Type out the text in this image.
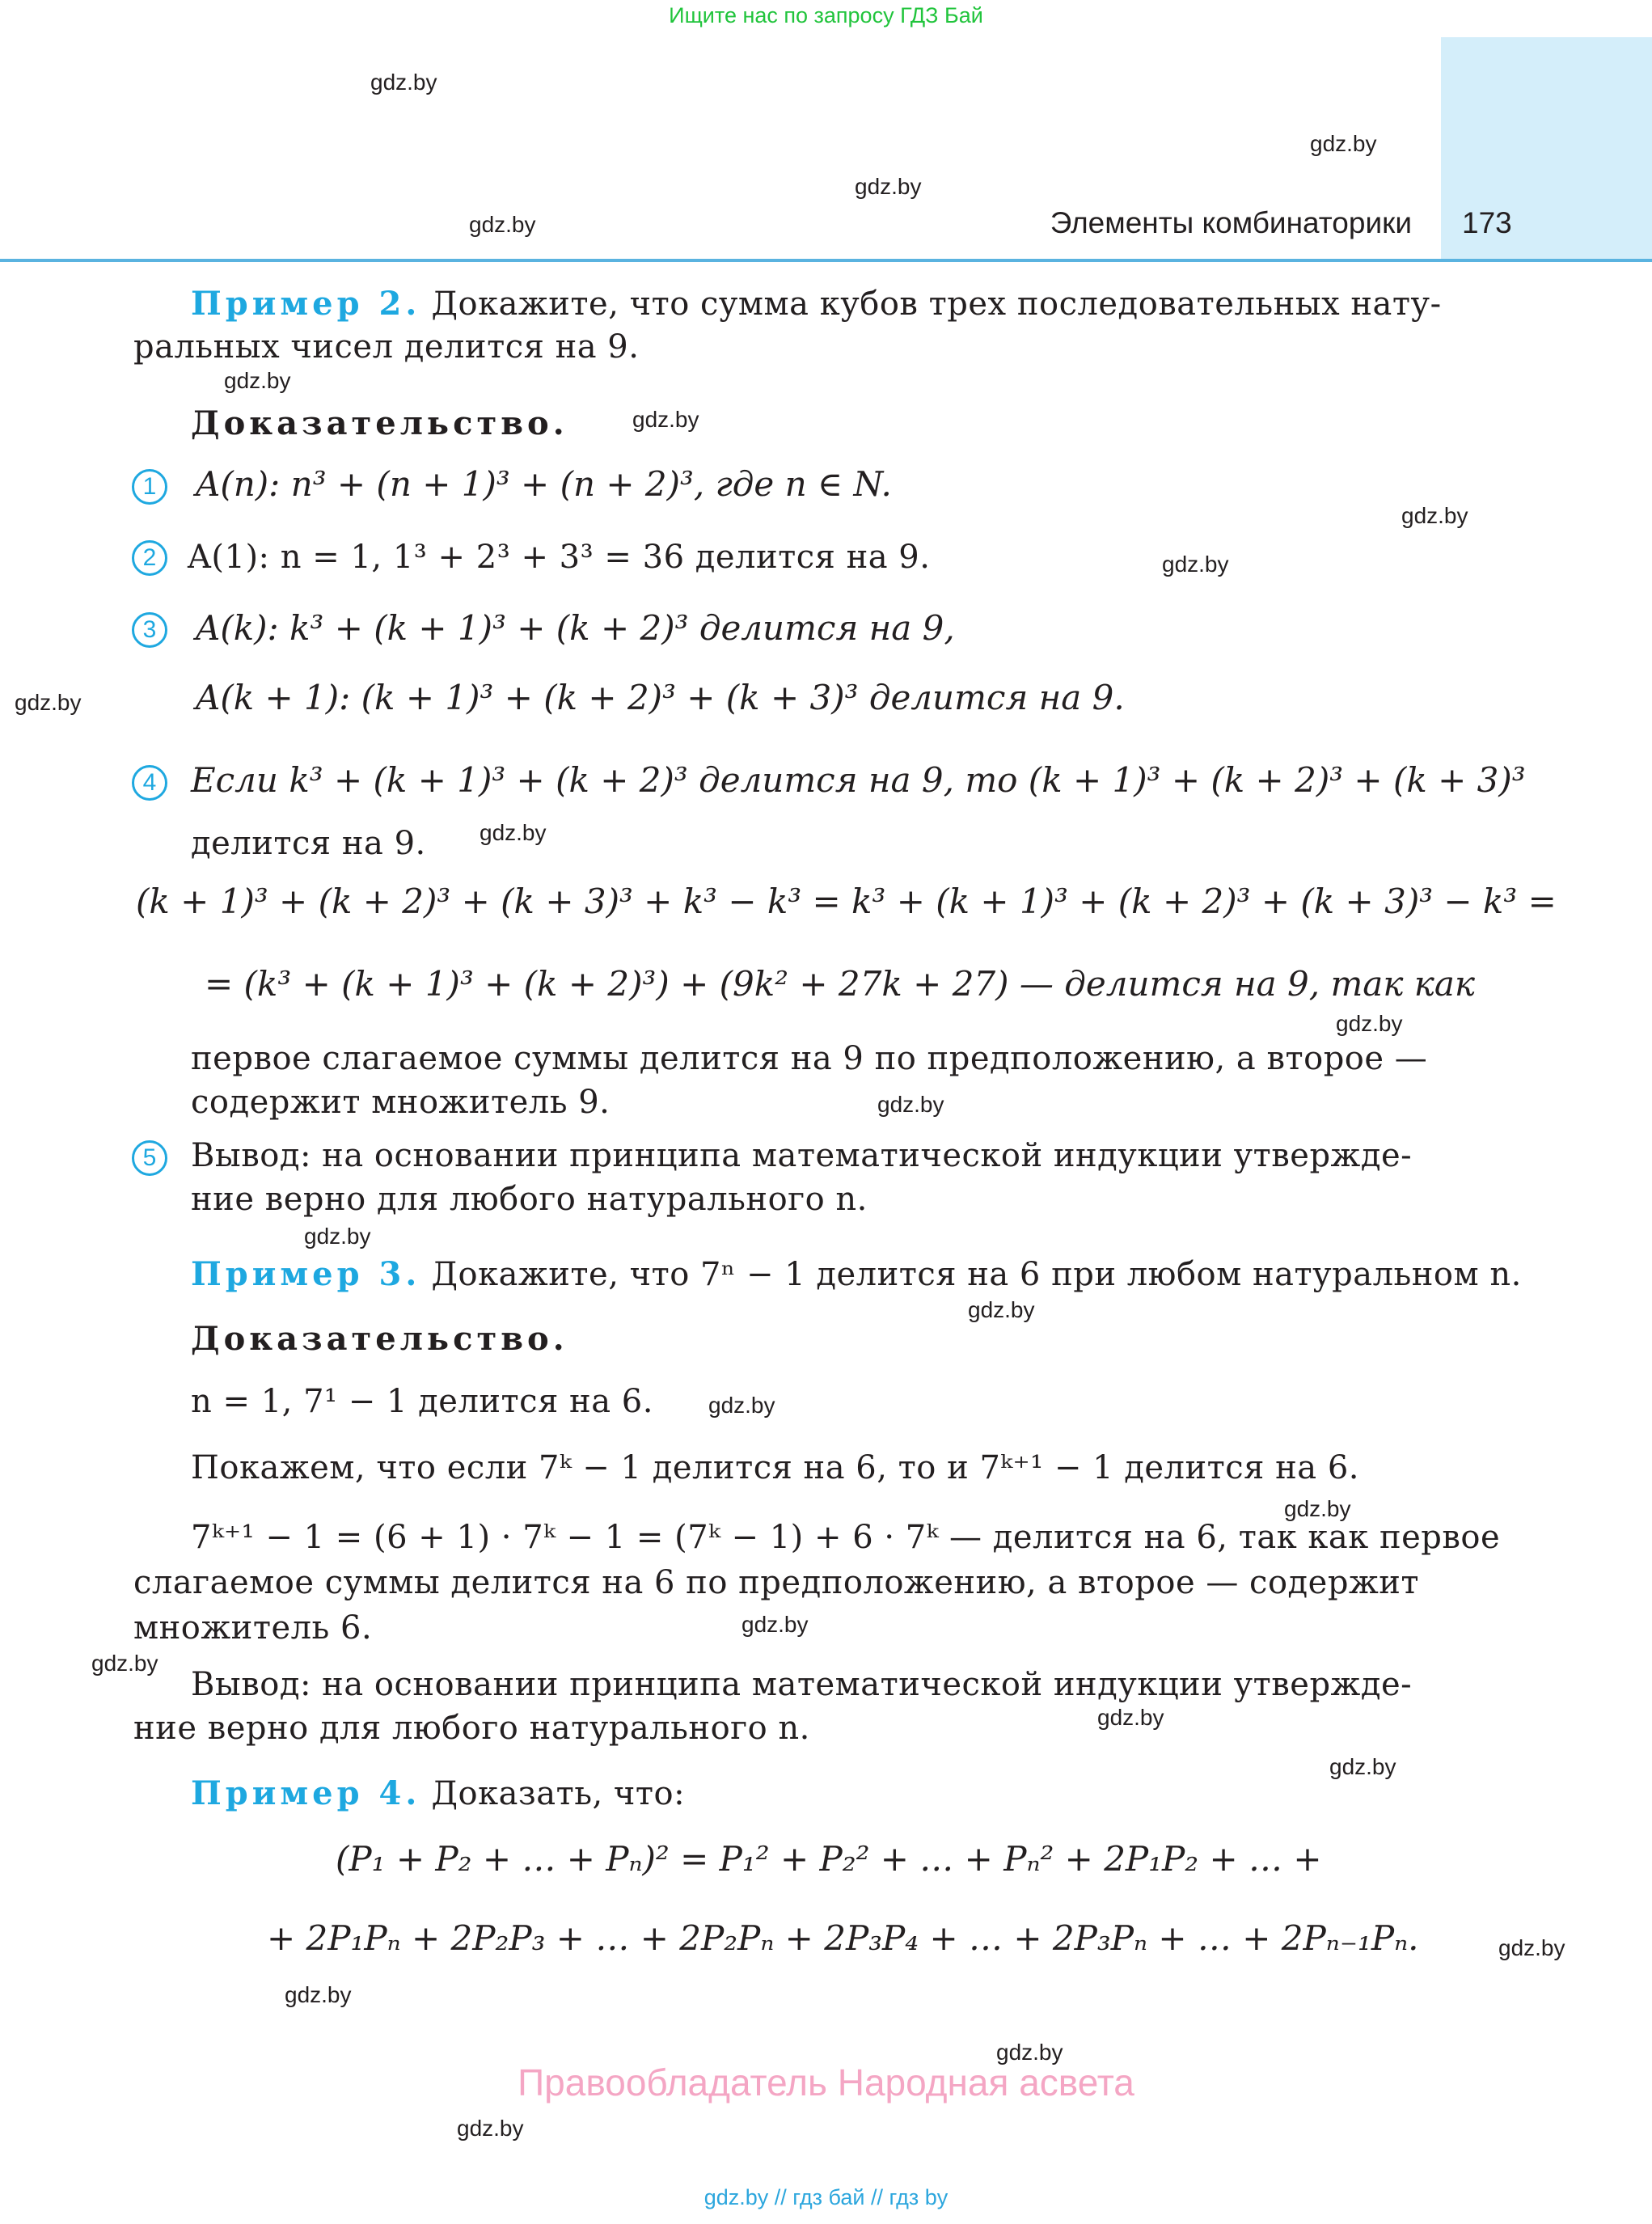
Ищите нас по запросу ГДЗ Бай
Элементы комбинаторики 173
gdz.by
gdz.by
gdz.by
gdz.by
gdz.by
gdz.by
gdz.by
gdz.by
gdz.by
gdz.by
gdz.by
gdz.by
gdz.by
gdz.by
gdz.by
gdz.by
gdz.by
gdz.by
gdz.by
gdz.by
gdz.by
gdz.by
gdz.by
gdz.by
Пример 2. Докажите, что сумма кубов трех последовательных нату-
ральных чисел делится на 9.
Доказательство.
1	A(n): n³ + (n + 1)³ + (n + 2)³, где n ∈ N.
2 A(1): n = 1, 1³ + 2³ + 3³ = 36 делится на 9.
3	A(k): k³ + (k + 1)³ + (k + 2)³ делится на 9,
A(k + 1): (k + 1)³ + (k + 2)³ + (k + 3)³ делится на 9.
4	Если k³ + (k + 1)³ + (k + 2)³ делится на 9, то (k + 1)³ + (k + 2)³ + (k + 3)³
делится на 9.
(k + 1)³ + (k + 2)³ + (k + 3)³ + k³ − k³ = k³ + (k + 1)³ + (k + 2)³ + (k + 3)³ − k³ =
= (k³ + (k + 1)³ + (k + 2)³) + (9k² + 27k + 27) — делится на 9, так как
первое слагаемое суммы делится на 9 по предположению, а второе —
содержит множитель 9.
5	Вывод: на основании принципа математической индукции утвержде-
ние верно для любого натурального n.
Пример 3. Докажите, что 7ⁿ − 1 делится на 6 при любом натуральном n.
Доказательство.
n = 1, 7¹ − 1 делится на 6.
Покажем, что если 7ᵏ − 1 делится на 6, то и 7ᵏ⁺¹ − 1 делится на 6.
7ᵏ⁺¹ − 1 = (6 + 1) · 7ᵏ − 1 = (7ᵏ − 1) + 6 · 7ᵏ — делится на 6, так как первое
слагаемое суммы делится на 6 по предположению, а второе — содержит
множитель 6.
Вывод: на основании принципа математической индукции утвержде-
ние верно для любого натурального n.
Пример 4. Доказать, что:
(P₁ + P₂ + … + Pₙ)² = P₁² + P₂² + … + Pₙ² + 2P₁P₂ + … +
+ 2P₁Pₙ + 2P₂P₃ + … + 2P₂Pₙ + 2P₃P₄ + … + 2P₃Pₙ + … + 2Pₙ₋₁Pₙ.
Правообладатель Народная асвета
gdz.by // гдз бай // гдз by
